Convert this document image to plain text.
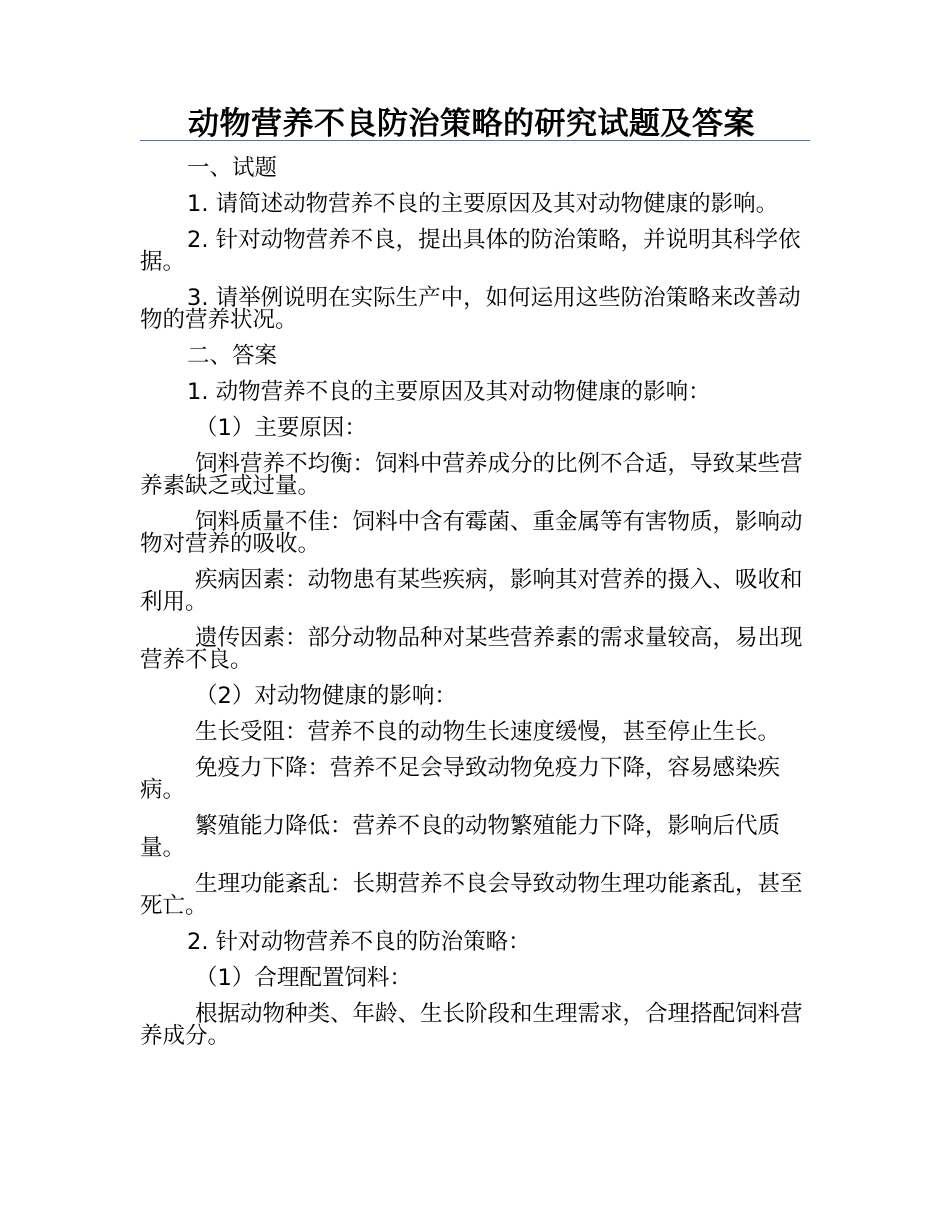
动物营养不良防治策略的研究试题及答案

一、试题

1. 请简述动物营养不良的主要原因及其对动物健康的影响。

2. 针对动物营养不良，提出具体的防治策略，并说明其科学依据。

3. 请举例说明在实际生产中，如何运用这些防治策略来改善动物的营养状况。

二、答案

1. 动物营养不良的主要原因及其对动物健康的影响：

（1）主要原因：

饲料营养不均衡：饲料中营养成分的比例不合适，导致某些营养素缺乏或过量。

饲料质量不佳：饲料中含有霉菌、重金属等有害物质，影响动物对营养的吸收。

疾病因素：动物患有某些疾病，影响其对营养的摄入、吸收和利用。

遗传因素：部分动物品种对某些营养素的需求量较高，易出现营养不良。

（2）对动物健康的影响：

生长受阻：营养不良的动物生长速度缓慢，甚至停止生长。

免疫力下降：营养不足会导致动物免疫力下降，容易感染疾病。

繁殖能力降低：营养不良的动物繁殖能力下降，影响后代质量。

生理功能紊乱：长期营养不良会导致动物生理功能紊乱，甚至死亡。

2. 针对动物营养不良的防治策略：

（1）合理配置饲料：

根据动物种类、年龄、生长阶段和生理需求，合理搭配饲料营养成分。
